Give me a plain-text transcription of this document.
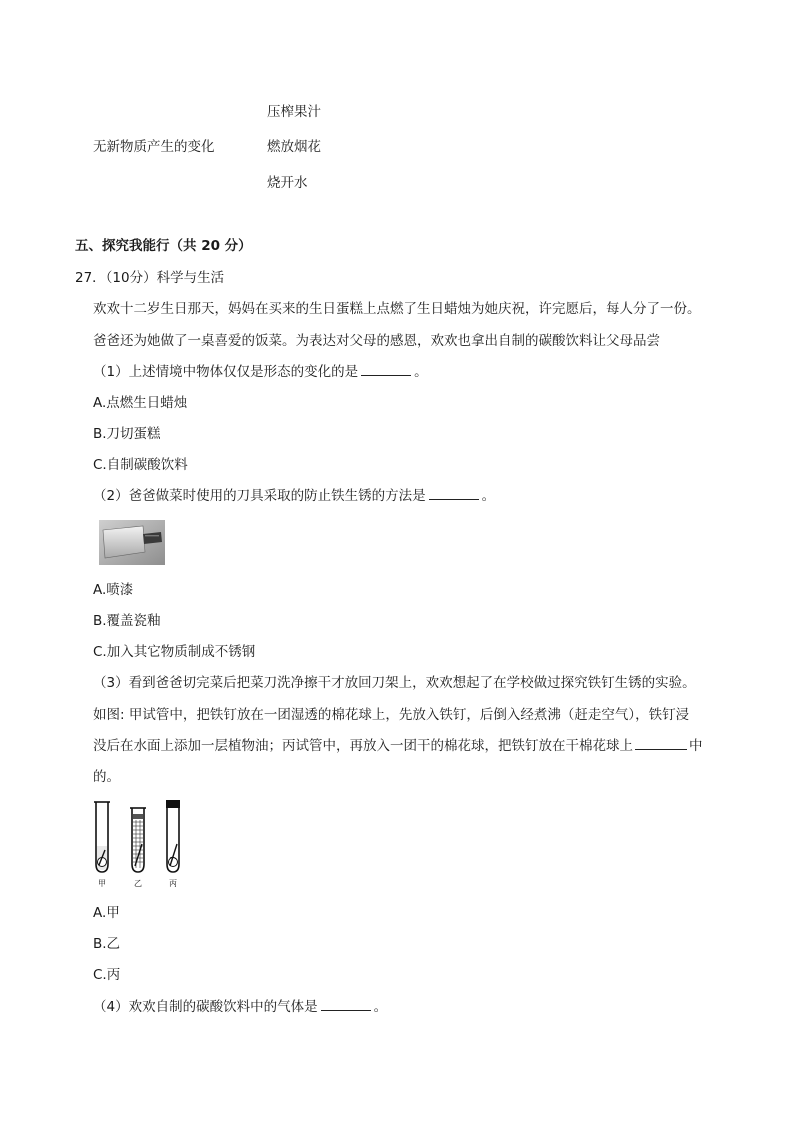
压榨果汁
无新物质产生的变化	燃放烟花
烧开水
五、探究我能行（共 20 分）
27．（10分）科学与生活
欢欢十二岁生日那天，妈妈在买来的生日蛋糕上点燃了生日蜡烛为她庆祝，许完愿后，每人分了一份。
爸爸还为她做了一桌喜爱的饭菜。为表达对父母的感恩，欢欢也拿出自制的碳酸饮料让父母品尝
（1）上述情境中物体仅仅是形态的变化的是	。
A.点燃生日蜡烛
B.刀切蛋糕
C.自制碳酸饮料
（2）爸爸做菜时使用的刀具采取的防止铁生锈的方法是	。
A.喷漆
B.覆盖瓷釉
C.加入其它物质制成不锈钢
（3）看到爸爸切完菜后把菜刀洗净擦干才放回刀架上，欢欢想起了在学校做过探究铁钉生锈的实验。
如图: 甲试管中，把铁钉放在一团湿透的棉花球上，先放入铁钉，后倒入经煮沸（赶走空气），铁钉浸
没后在水面上添加一层植物油；丙试管中，再放入一团干的棉花球，把铁钉放在干棉花球上	中
的。
甲	乙	丙
A.甲
B.乙
C.丙
（4）欢欢自制的碳酸饮料中的气体是	。
